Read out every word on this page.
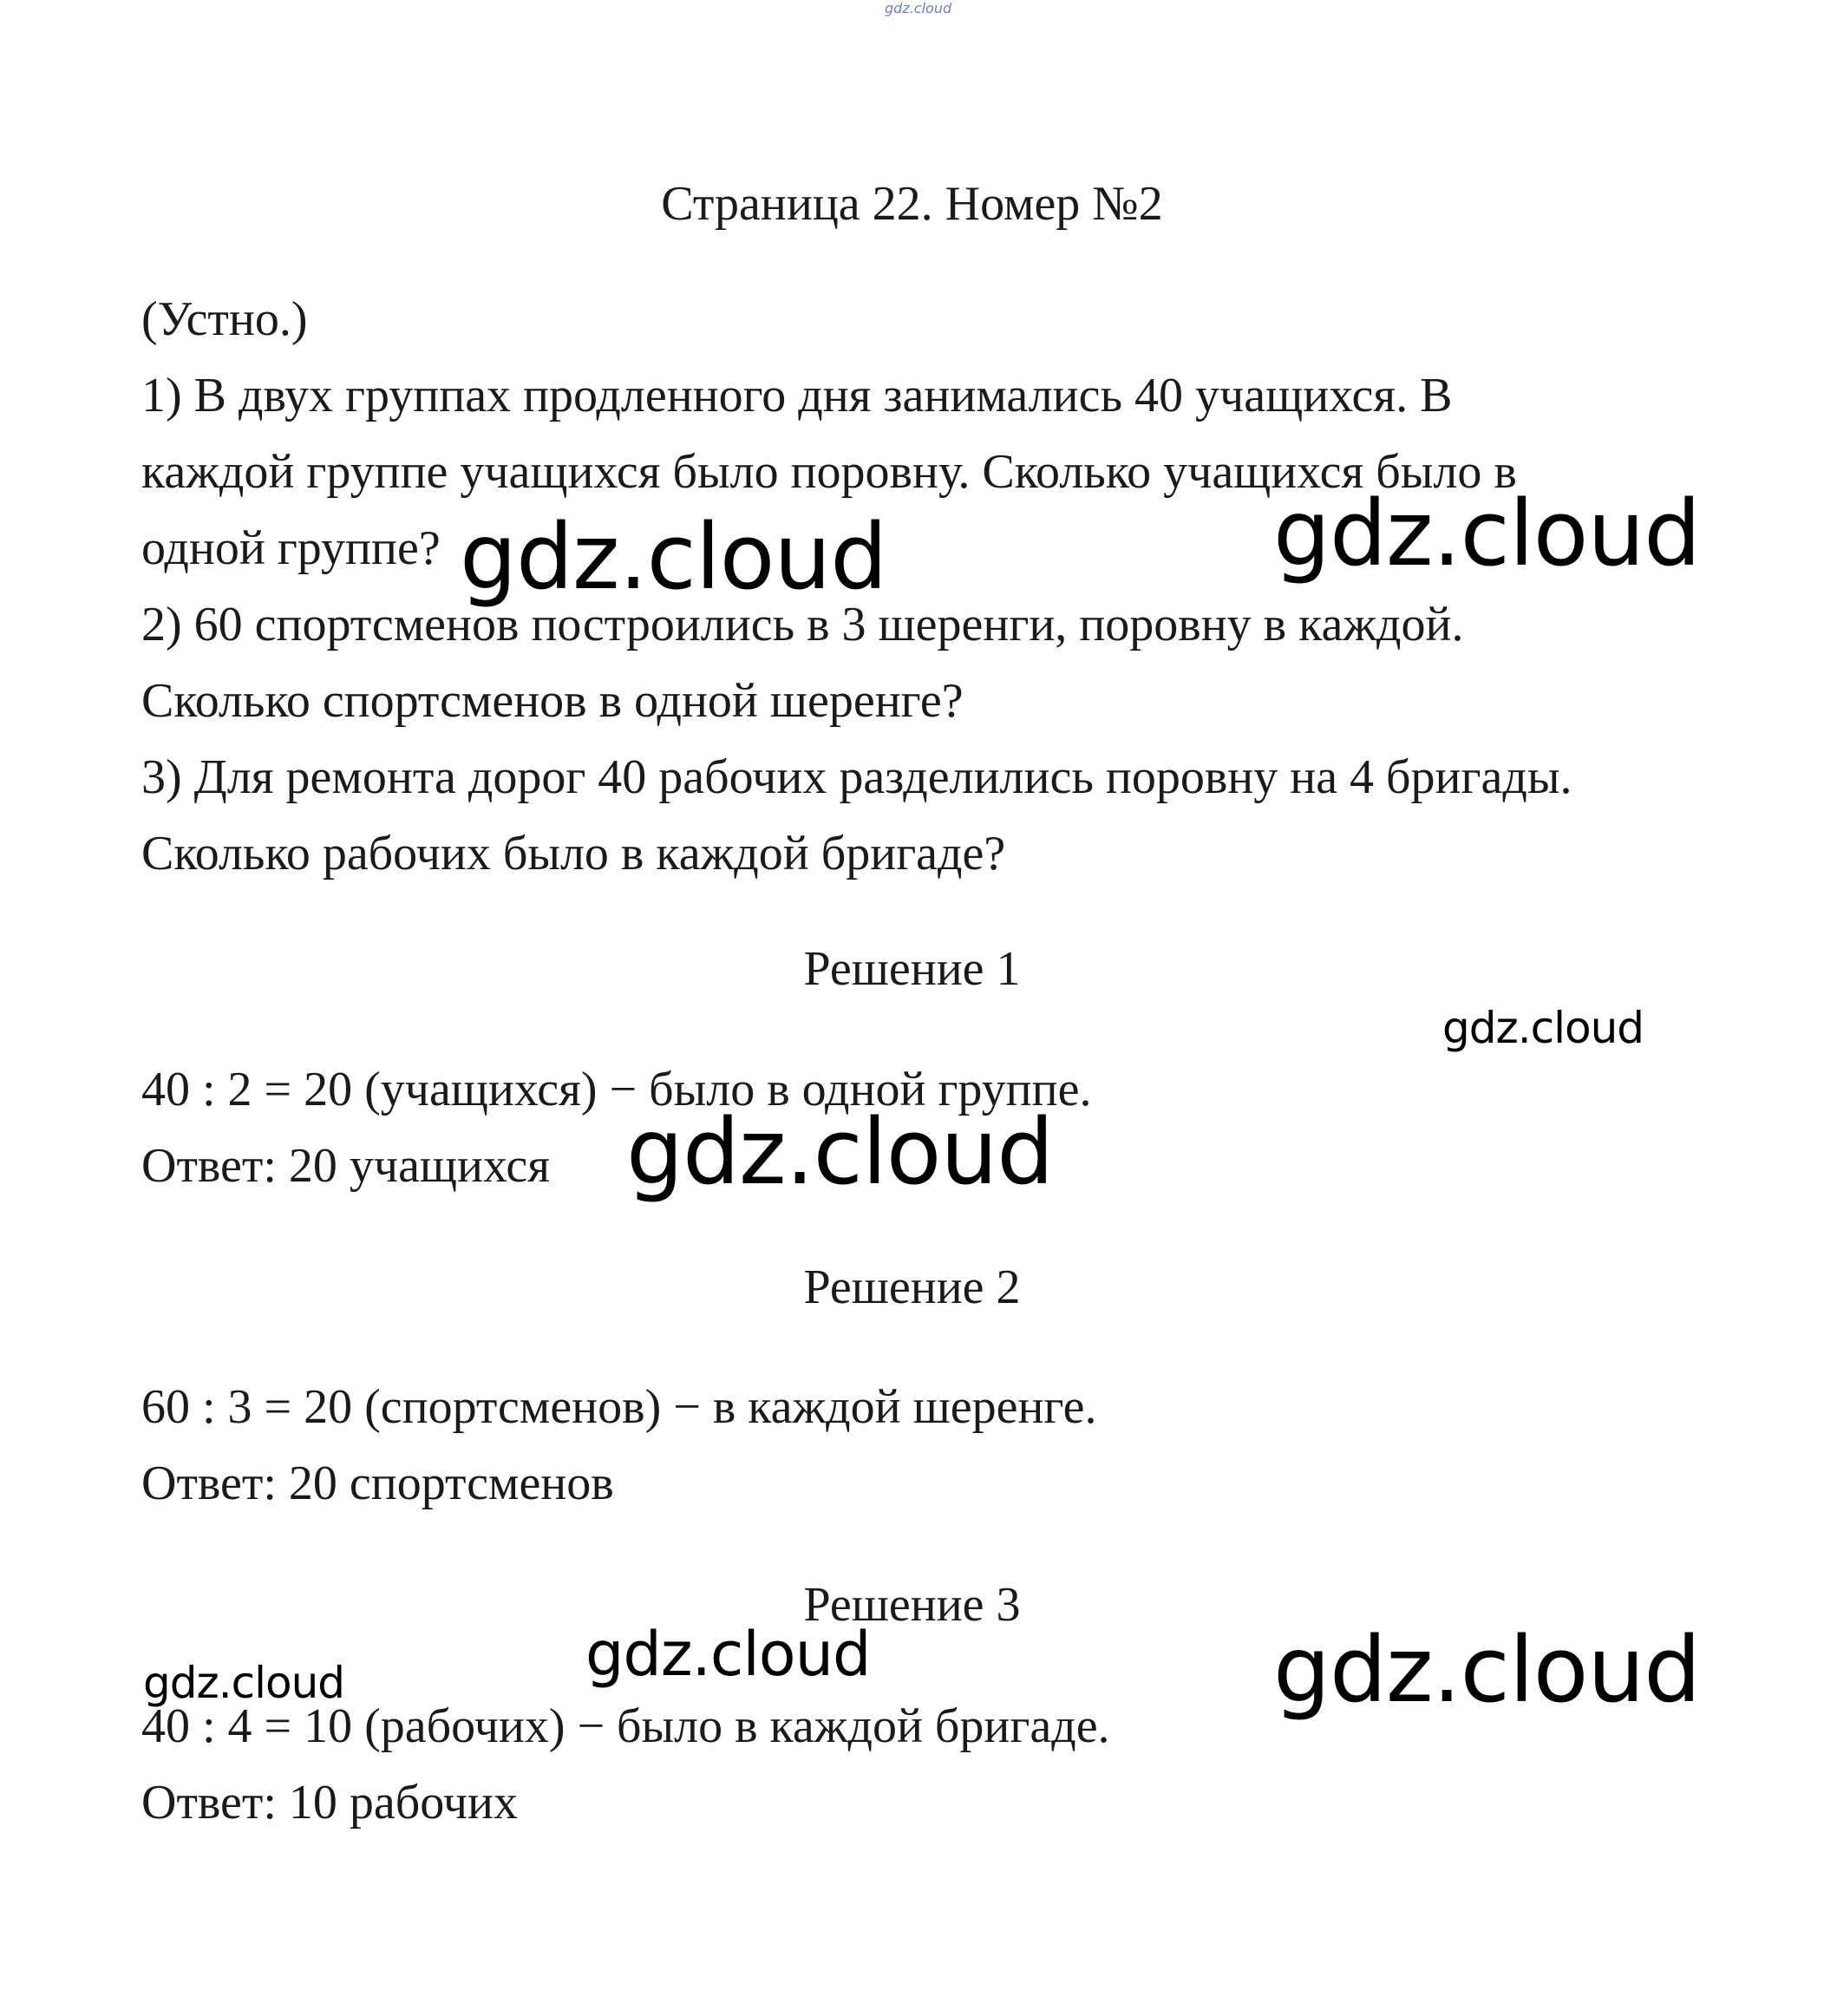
gdz.cloud
Страница 22. Номер №2
(Устно.)
1) В двух группах продленного дня занимались 40 учащихся. В
каждой группе учащихся было поровну. Сколько учащихся было в
одной группе?
2) 60 спортсменов построились в 3 шеренги, поровну в каждой.
Сколько спортсменов в одной шеренге?
3) Для ремонта дорог 40 рабочих разделились поровну на 4 бригады.
Сколько рабочих было в каждой бригаде?
Решение 1
40 : 2 = 20 (учащихся) − было в одной группе.
Ответ: 20 учащихся
Решение 2
60 : 3 = 20 (спортсменов) − в каждой шеренге.
Ответ: 20 спортсменов
Решение 3
40 : 4 = 10 (рабочих) − было в каждой бригаде.
Ответ: 10 рабочих
gdz.cloud	gdz.cloud
gdz.cloud
gdz.cloud
gdz.cloud	gdz.cloud
gdz.cloud
